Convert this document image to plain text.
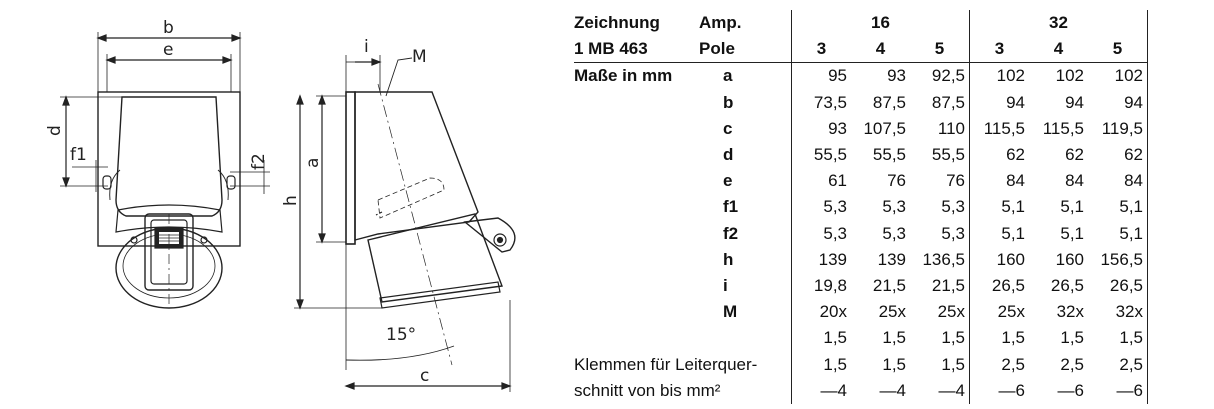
b
e
d
f1	f2
i	M
a
h
15°
c
Zeichnung	Amp.	16			32		
1 MB 463	Pole	3	4	5	3	4	5
Maße in mm	a	95	93	92,5	102	102	102
	b	73,5	87,5	87,5	94	94	94
	c	93	107,5	110	115,5	115,5	119,5
	d	55,5	55,5	55,5	62	62	62
	e	61	76	76	84	84	84
	f1	5,3	5,3	5,3	5,1	5,1	5,1
	f2	5,3	5,3	5,3	5,1	5,1	5,1
	h	139	139	136,5	160	160	156,5
	i	19,8	21,5	21,5	26,5	26,5	26,5
	M	20x	25x	25x	25x	32x	32x
		1,5	1,5	1,5	1,5	1,5	1,5
Klemmen für Leiterquer-		1,5	1,5	1,5	2,5	2,5	2,5
schnitt von bis mm²		—4	—4	—4	—6	—6	—6
